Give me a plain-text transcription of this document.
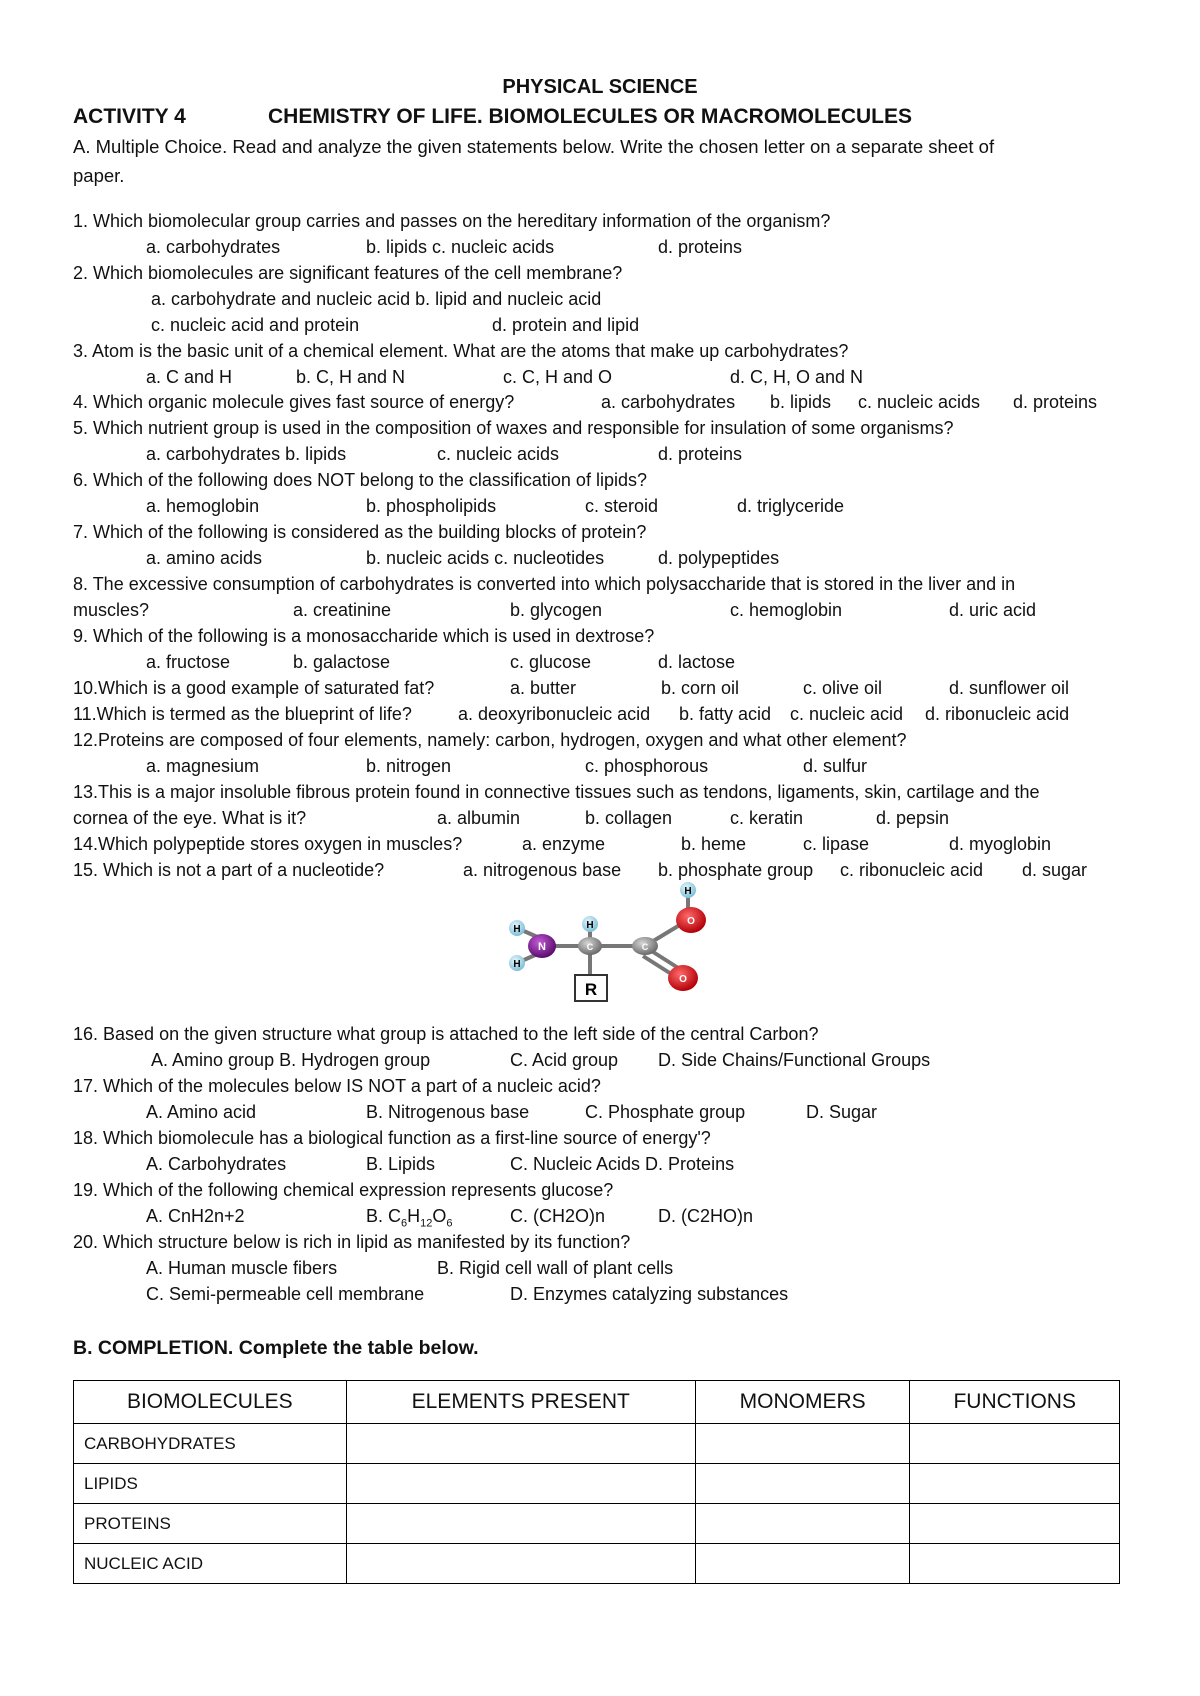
PHYSICAL SCIENCE
ACTIVITY 4	CHEMISTRY OF LIFE. BIOMOLECULES OR MACROMOLECULES
A. Multiple Choice. Read and analyze the given statements below. Write the chosen letter on a separate sheet of
paper.
1. Which biomolecular group carries and passes on the hereditary information of the organism?
a. carbohydrates	b. lipids c. nucleic acids	d. proteins
2. Which biomolecules are significant features of the cell membrane?
a. carbohydrate and nucleic acid b. lipid and nucleic acid
c. nucleic acid and protein	d. protein and lipid
3. Atom is the basic unit of a chemical element. What are the atoms that make up carbohydrates?
a. C and H	b. C, H and N	c. C, H and O	d. C, H, O and N
4. Which organic molecule gives fast source of energy?	a. carbohydrates b. lipids c. nucleic acids d. proteins
5. Which nutrient group is used in the composition of waxes and responsible for insulation of some organisms?
a. carbohydrates b. lipids	c. nucleic acids	d. proteins
6. Which of the following does NOT belong to the classification of lipids?
a. hemoglobin	b. phospholipids	c. steroid	d. triglyceride
7. Which of the following is considered as the building blocks of protein?
a. amino acids	b. nucleic acids c. nucleotides	d. polypeptides
8. The excessive consumption of carbohydrates is converted into which polysaccharide that is stored in the liver and in
muscles?	a. creatinine	b. glycogen	c. hemoglobin	d. uric acid
9. Which of the following is a monosaccharide which is used in dextrose?
a. fructose	b. galactose	c. glucose	d. lactose
10.Which is a good example of saturated fat?	a. butter	b. corn oil	c. olive oil	d. sunflower oil
11.Which is termed as the blueprint of life?	a. deoxyribonucleic acid b. fatty acid c. nucleic acid d. ribonucleic acid
12.Proteins are composed of four elements, namely: carbon, hydrogen, oxygen and what other element?
a. magnesium	b. nitrogen	c. phosphorous	d. sulfur
13.This is a major insoluble fibrous protein found in connective tissues such as tendons, ligaments, skin, cartilage and the
cornea of the eye. What is it?	a. albumin	b. collagen	c. keratin	d. pepsin
14.Which polypeptide stores oxygen in muscles?	a. enzyme	b. heme	c. lipase	d. myoglobin
15. Which is not a part of a nucleotide?	a. nitrogenous base b. phosphate group c. ribonucleic acid d. sugar
H
H
N
H
C	C
H
O
O
R
16. Based on the given structure what group is attached to the left side of the central Carbon?
A. Amino group B. Hydrogen group	C. Acid group D. Side Chains/Functional Groups
17. Which of the molecules below IS NOT a part of a nucleic acid?
A. Amino acid	B. Nitrogenous base	C. Phosphate group	D. Sugar
18. Which biomolecule has a biological function as a first-line source of energy'?
A. Carbohydrates	B. Lipids	C. Nucleic Acids D. Proteins
19. Which of the following chemical expression represents glucose?
A. CnH2n+2	B. $C_6H_{12}O_6$	C. (CH2O)n	D. (C2HO)n
20. Which structure below is rich in lipid as manifested by its function?
A. Human muscle fibers	B. Rigid cell wall of plant cells
C. Semi-permeable cell membrane	D. Enzymes catalyzing substances
B. COMPLETION. Complete the table below.
BIOMOLECULES	ELEMENTS PRESENT	MONOMERS	FUNCTIONS
CARBOHYDRATES			
LIPIDS			
PROTEINS			
NUCLEIC ACID			
